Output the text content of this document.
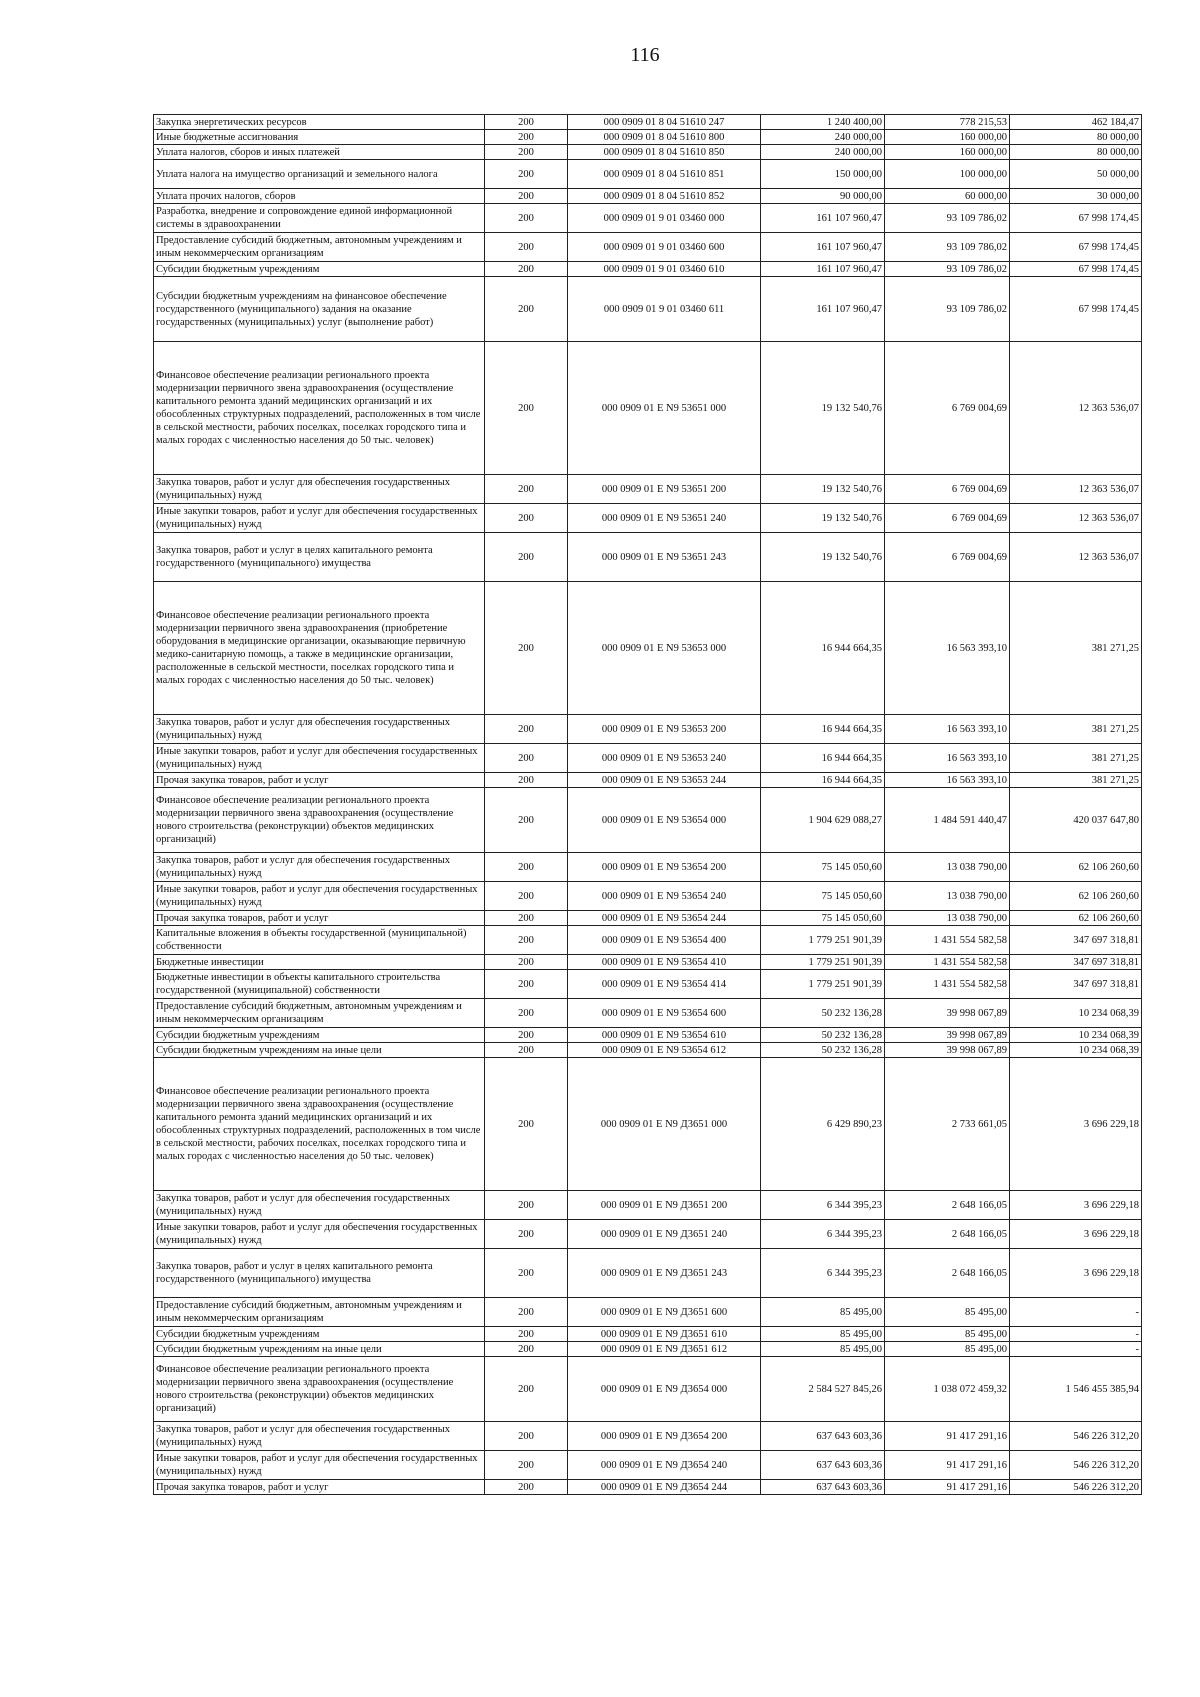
116
Закупка энергетических ресурсов	200	000 0909 01 8 04 51610 247	1 240 400,00	778 215,53	462 184,47
Иные бюджетные ассигнования	200	000 0909 01 8 04 51610 800	240 000,00	160 000,00	80 000,00
Уплата налогов, сборов и иных платежей	200	000 0909 01 8 04 51610 850	240 000,00	160 000,00	80 000,00
Уплата налога на имущество организаций и земельного налога	200	000 0909 01 8 04 51610 851	150 000,00	100 000,00	50 000,00
Уплата прочих налогов, сборов	200	000 0909 01 8 04 51610 852	90 000,00	60 000,00	30 000,00
Разработка, внедрение и сопровождение единой информационной системы в здравоохранении	200	000 0909 01 9 01 03460 000	161 107 960,47	93 109 786,02	67 998 174,45
Предоставление субсидий бюджетным, автономным учреждениям и иным некоммерческим организациям	200	000 0909 01 9 01 03460 600	161 107 960,47	93 109 786,02	67 998 174,45
Субсидии бюджетным учреждениям	200	000 0909 01 9 01 03460 610	161 107 960,47	93 109 786,02	67 998 174,45
Субсидии бюджетным учреждениям на финансовое обеспечение государственного (муниципального) задания на оказание государственных (муниципальных) услуг (выполнение работ)	200	000 0909 01 9 01 03460 611	161 107 960,47	93 109 786,02	67 998 174,45
Финансовое обеспечение реализации регионального проекта модернизации первичного звена здравоохранения (осуществление капитального ремонта зданий медицинских организаций и их обособленных структурных подразделений, расположенных в том числе в сельской местности, рабочих поселках, поселках городского типа и малых городах с численностью населения до 50 тыс. человек)	200	000 0909 01 E N9 53651 000	19 132 540,76	6 769 004,69	12 363 536,07
Закупка товаров, работ и услуг для обеспечения государственных (муниципальных) нужд	200	000 0909 01 E N9 53651 200	19 132 540,76	6 769 004,69	12 363 536,07
Иные закупки товаров, работ и услуг для обеспечения государственных (муниципальных) нужд	200	000 0909 01 E N9 53651 240	19 132 540,76	6 769 004,69	12 363 536,07
Закупка товаров, работ и услуг в целях капитального ремонта государственного (муниципального) имущества	200	000 0909 01 E N9 53651 243	19 132 540,76	6 769 004,69	12 363 536,07
Финансовое обеспечение реализации регионального проекта модернизации первичного звена здравоохранения (приобретение оборудования в медицинские организации, оказывающие первичную медико-санитарную помощь, а также в медицинские организации, расположенные в сельской местности, поселках городского типа и малых городах с численностью населения до 50 тыс. человек)	200	000 0909 01 E N9 53653 000	16 944 664,35	16 563 393,10	381 271,25
Закупка товаров, работ и услуг для обеспечения государственных (муниципальных) нужд	200	000 0909 01 E N9 53653 200	16 944 664,35	16 563 393,10	381 271,25
Иные закупки товаров, работ и услуг для обеспечения государственных (муниципальных) нужд	200	000 0909 01 E N9 53653 240	16 944 664,35	16 563 393,10	381 271,25
Прочая закупка товаров, работ и услуг	200	000 0909 01 E N9 53653 244	16 944 664,35	16 563 393,10	381 271,25
Финансовое обеспечение реализации регионального проекта модернизации первичного звена здравоохранения (осуществление нового строительства (реконструкции) объектов медицинских организаций)	200	000 0909 01 E N9 53654 000	1 904 629 088,27	1 484 591 440,47	420 037 647,80
Закупка товаров, работ и услуг для обеспечения государственных (муниципальных) нужд	200	000 0909 01 E N9 53654 200	75 145 050,60	13 038 790,00	62 106 260,60
Иные закупки товаров, работ и услуг для обеспечения государственных (муниципальных) нужд	200	000 0909 01 E N9 53654 240	75 145 050,60	13 038 790,00	62 106 260,60
Прочая закупка товаров, работ и услуг	200	000 0909 01 E N9 53654 244	75 145 050,60	13 038 790,00	62 106 260,60
Капитальные вложения в объекты государственной (муниципальной) собственности	200	000 0909 01 E N9 53654 400	1 779 251 901,39	1 431 554 582,58	347 697 318,81
Бюджетные инвестиции	200	000 0909 01 E N9 53654 410	1 779 251 901,39	1 431 554 582,58	347 697 318,81
Бюджетные инвестиции в объекты капитального строительства государственной (муниципальной) собственности	200	000 0909 01 E N9 53654 414	1 779 251 901,39	1 431 554 582,58	347 697 318,81
Предоставление субсидий бюджетным, автономным учреждениям и иным некоммерческим организациям	200	000 0909 01 E N9 53654 600	50 232 136,28	39 998 067,89	10 234 068,39
Субсидии бюджетным учреждениям	200	000 0909 01 E N9 53654 610	50 232 136,28	39 998 067,89	10 234 068,39
Субсидии бюджетным учреждениям на иные цели	200	000 0909 01 E N9 53654 612	50 232 136,28	39 998 067,89	10 234 068,39
Финансовое обеспечение реализации регионального проекта модернизации первичного звена здравоохранения (осуществление капитального ремонта зданий медицинских организаций и их обособленных структурных подразделений, расположенных в том числе в сельской местности, рабочих поселках, поселках городского типа и малых городах с численностью населения до 50 тыс. человек)	200	000 0909 01 E N9 Д3651 000	6 429 890,23	2 733 661,05	3 696 229,18
Закупка товаров, работ и услуг для обеспечения государственных (муниципальных) нужд	200	000 0909 01 E N9 Д3651 200	6 344 395,23	2 648 166,05	3 696 229,18
Иные закупки товаров, работ и услуг для обеспечения государственных (муниципальных) нужд	200	000 0909 01 E N9 Д3651 240	6 344 395,23	2 648 166,05	3 696 229,18
Закупка товаров, работ и услуг в целях капитального ремонта государственного (муниципального) имущества	200	000 0909 01 E N9 Д3651 243	6 344 395,23	2 648 166,05	3 696 229,18
Предоставление субсидий бюджетным, автономным учреждениям и иным некоммерческим организациям	200	000 0909 01 E N9 Д3651 600	85 495,00	85 495,00	-
Субсидии бюджетным учреждениям	200	000 0909 01 E N9 Д3651 610	85 495,00	85 495,00	-
Субсидии бюджетным учреждениям на иные цели	200	000 0909 01 E N9 Д3651 612	85 495,00	85 495,00	-
Финансовое обеспечение реализации регионального проекта модернизации первичного звена здравоохранения (осуществление нового строительства (реконструкции) объектов медицинских организаций)	200	000 0909 01 E N9 Д3654 000	2 584 527 845,26	1 038 072 459,32	1 546 455 385,94
Закупка товаров, работ и услуг для обеспечения государственных (муниципальных) нужд	200	000 0909 01 E N9 Д3654 200	637 643 603,36	91 417 291,16	546 226 312,20
Иные закупки товаров, работ и услуг для обеспечения государственных (муниципальных) нужд	200	000 0909 01 E N9 Д3654 240	637 643 603,36	91 417 291,16	546 226 312,20
Прочая закупка товаров, работ и услуг	200	000 0909 01 E N9 Д3654 244	637 643 603,36	91 417 291,16	546 226 312,20
